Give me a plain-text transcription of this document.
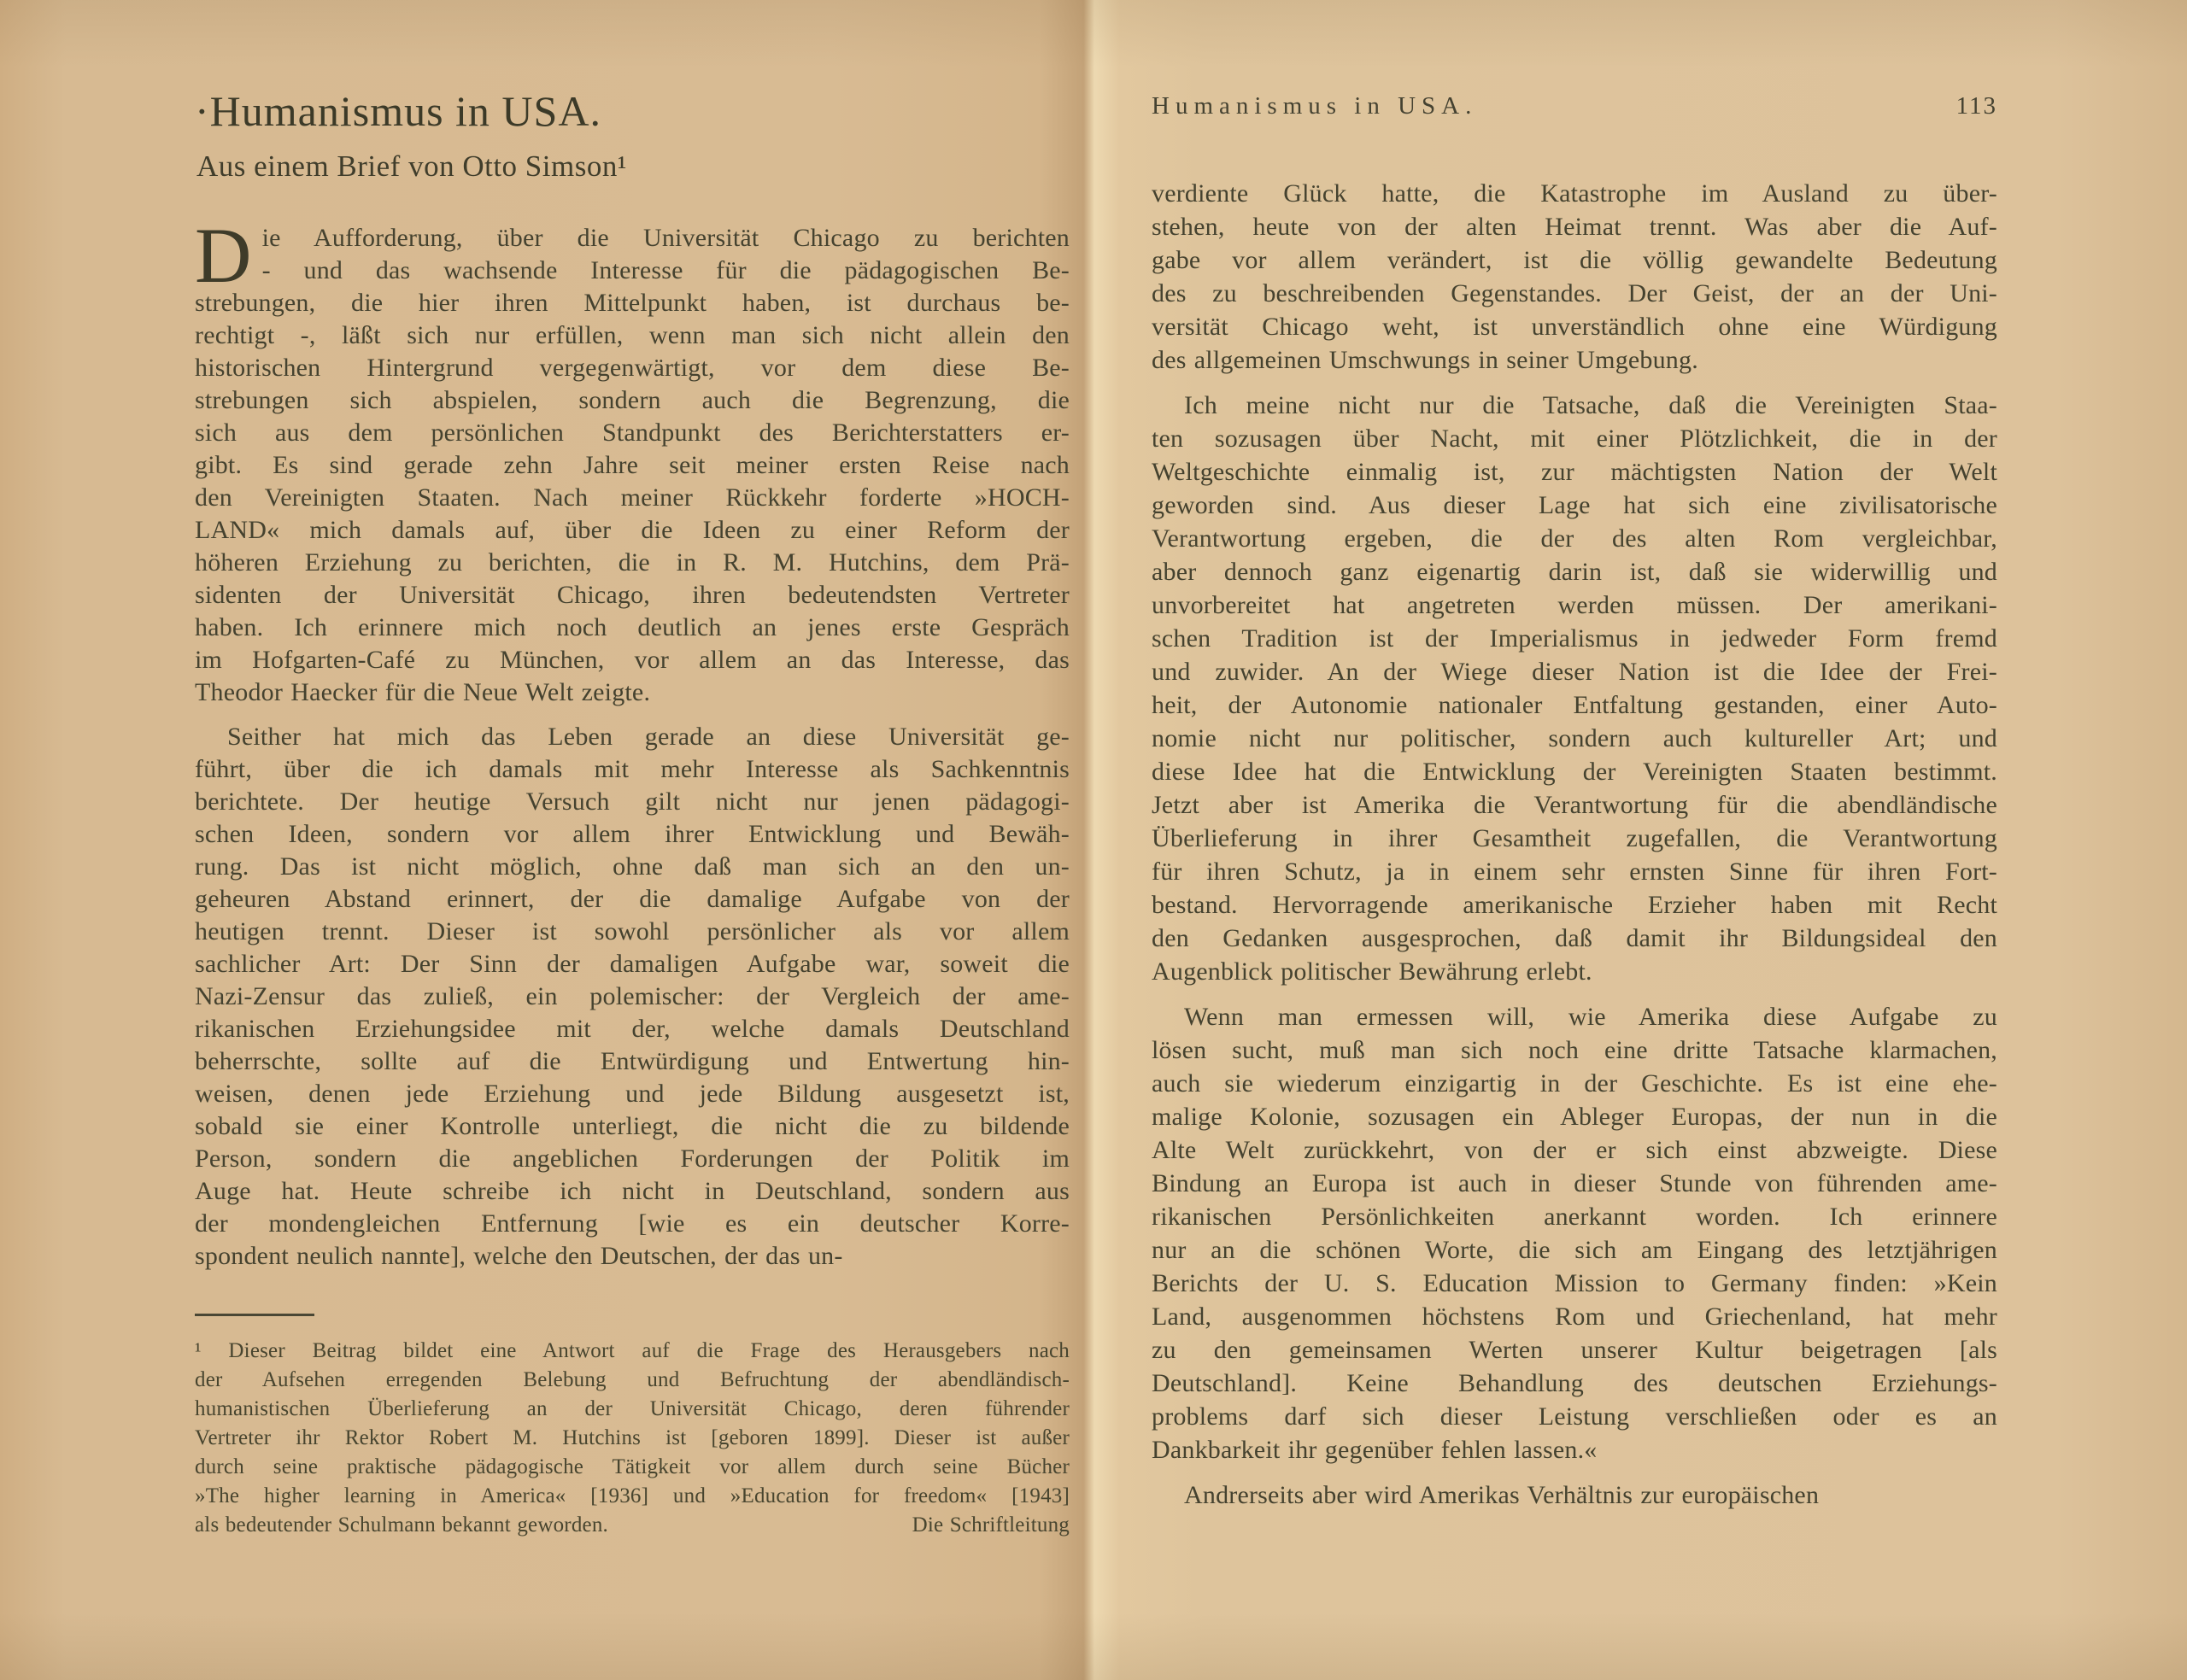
·Humanismus in USA.
Aus einem Brief von Otto Simson¹
D ie Aufforderung, über die Universität Chicago zu berichten
- und das wachsende Interesse für die pädagogischen Be-
strebungen, die hier ihren Mittelpunkt haben, ist durchaus be-
rechtigt -, läßt sich nur erfüllen, wenn man sich nicht allein den
historischen Hintergrund vergegenwärtigt, vor dem diese Be-
strebungen sich abspielen, sondern auch die Begrenzung, die
sich aus dem persönlichen Standpunkt des Berichterstatters er-
gibt. Es sind gerade zehn Jahre seit meiner ersten Reise nach
den Vereinigten Staaten. Nach meiner Rückkehr forderte »HOCH-
LAND« mich damals auf, über die Ideen zu einer Reform der
höheren Erziehung zu berichten, die in R. M. Hutchins, dem Prä-
sidenten der Universität Chicago, ihren bedeutendsten Vertreter
haben. Ich erinnere mich noch deutlich an jenes erste Gespräch
im Hofgarten-Café zu München, vor allem an das Interesse, das
Theodor Haecker für die Neue Welt zeigte.
Seither hat mich das Leben gerade an diese Universität ge-
führt, über die ich damals mit mehr Interesse als Sachkenntnis
berichtete. Der heutige Versuch gilt nicht nur jenen pädagogi-
schen Ideen, sondern vor allem ihrer Entwicklung und Bewäh-
rung. Das ist nicht möglich, ohne daß man sich an den un-
geheuren Abstand erinnert, der die damalige Aufgabe von der
heutigen trennt. Dieser ist sowohl persönlicher als vor allem
sachlicher Art: Der Sinn der damaligen Aufgabe war, soweit die
Nazi-Zensur das zuließ, ein polemischer: der Vergleich der ame-
rikanischen Erziehungsidee mit der, welche damals Deutschland
beherrschte, sollte auf die Entwürdigung und Entwertung hin-
weisen, denen jede Erziehung und jede Bildung ausgesetzt ist,
sobald sie einer Kontrolle unterliegt, die nicht die zu bildende
Person, sondern die angeblichen Forderungen der Politik im
Auge hat. Heute schreibe ich nicht in Deutschland, sondern aus
der mondengleichen Entfernung [wie es ein deutscher Korre-
spondent neulich nannte], welche den Deutschen, der das un-
¹ Dieser Beitrag bildet eine Antwort auf die Frage des Herausgebers nach
der Aufsehen erregenden Belebung und Befruchtung der abendländisch-
humanistischen Überlieferung an der Universität Chicago, deren führender
Vertreter ihr Rektor Robert M. Hutchins ist [geboren 1899]. Dieser ist außer
durch seine praktische pädagogische Tätigkeit vor allem durch seine Bücher
»The higher learning in America« [1936] und »Education for freedom« [1943]
als bedeutender Schulmann bekannt geworden.	Die Schriftleitung
Humanismus in USA.	113
verdiente Glück hatte, die Katastrophe im Ausland zu über-
stehen, heute von der alten Heimat trennt. Was aber die Auf-
gabe vor allem verändert, ist die völlig gewandelte Bedeutung
des zu beschreibenden Gegenstandes. Der Geist, der an der Uni-
versität Chicago weht, ist unverständlich ohne eine Würdigung
des allgemeinen Umschwungs in seiner Umgebung.
Ich meine nicht nur die Tatsache, daß die Vereinigten Staa-
ten sozusagen über Nacht, mit einer Plötzlichkeit, die in der
Weltgeschichte einmalig ist, zur mächtigsten Nation der Welt
geworden sind. Aus dieser Lage hat sich eine zivilisatorische
Verantwortung ergeben, die der des alten Rom vergleichbar,
aber dennoch ganz eigenartig darin ist, daß sie widerwillig und
unvorbereitet hat angetreten werden müssen. Der amerikani-
schen Tradition ist der Imperialismus in jedweder Form fremd
und zuwider. An der Wiege dieser Nation ist die Idee der Frei-
heit, der Autonomie nationaler Entfaltung gestanden, einer Auto-
nomie nicht nur politischer, sondern auch kultureller Art; und
diese Idee hat die Entwicklung der Vereinigten Staaten bestimmt.
Jetzt aber ist Amerika die Verantwortung für die abendländische
Überlieferung in ihrer Gesamtheit zugefallen, die Verantwortung
für ihren Schutz, ja in einem sehr ernsten Sinne für ihren Fort-
bestand. Hervorragende amerikanische Erzieher haben mit Recht
den Gedanken ausgesprochen, daß damit ihr Bildungsideal den
Augenblick politischer Bewährung erlebt.
Wenn man ermessen will, wie Amerika diese Aufgabe zu
lösen sucht, muß man sich noch eine dritte Tatsache klarmachen,
auch sie wiederum einzigartig in der Geschichte. Es ist eine ehe-
malige Kolonie, sozusagen ein Ableger Europas, der nun in die
Alte Welt zurückkehrt, von der er sich einst abzweigte. Diese
Bindung an Europa ist auch in dieser Stunde von führenden ame-
rikanischen Persönlichkeiten anerkannt worden. Ich erinnere
nur an die schönen Worte, die sich am Eingang des letztjährigen
Berichts der U. S. Education Mission to Germany finden: »Kein
Land, ausgenommen höchstens Rom und Griechenland, hat mehr
zu den gemeinsamen Werten unserer Kultur beigetragen [als
Deutschland]. Keine Behandlung des deutschen Erziehungs-
problems darf sich dieser Leistung verschließen oder es an
Dankbarkeit ihr gegenüber fehlen lassen.«
Andrerseits aber wird Amerikas Verhältnis zur europäischen
